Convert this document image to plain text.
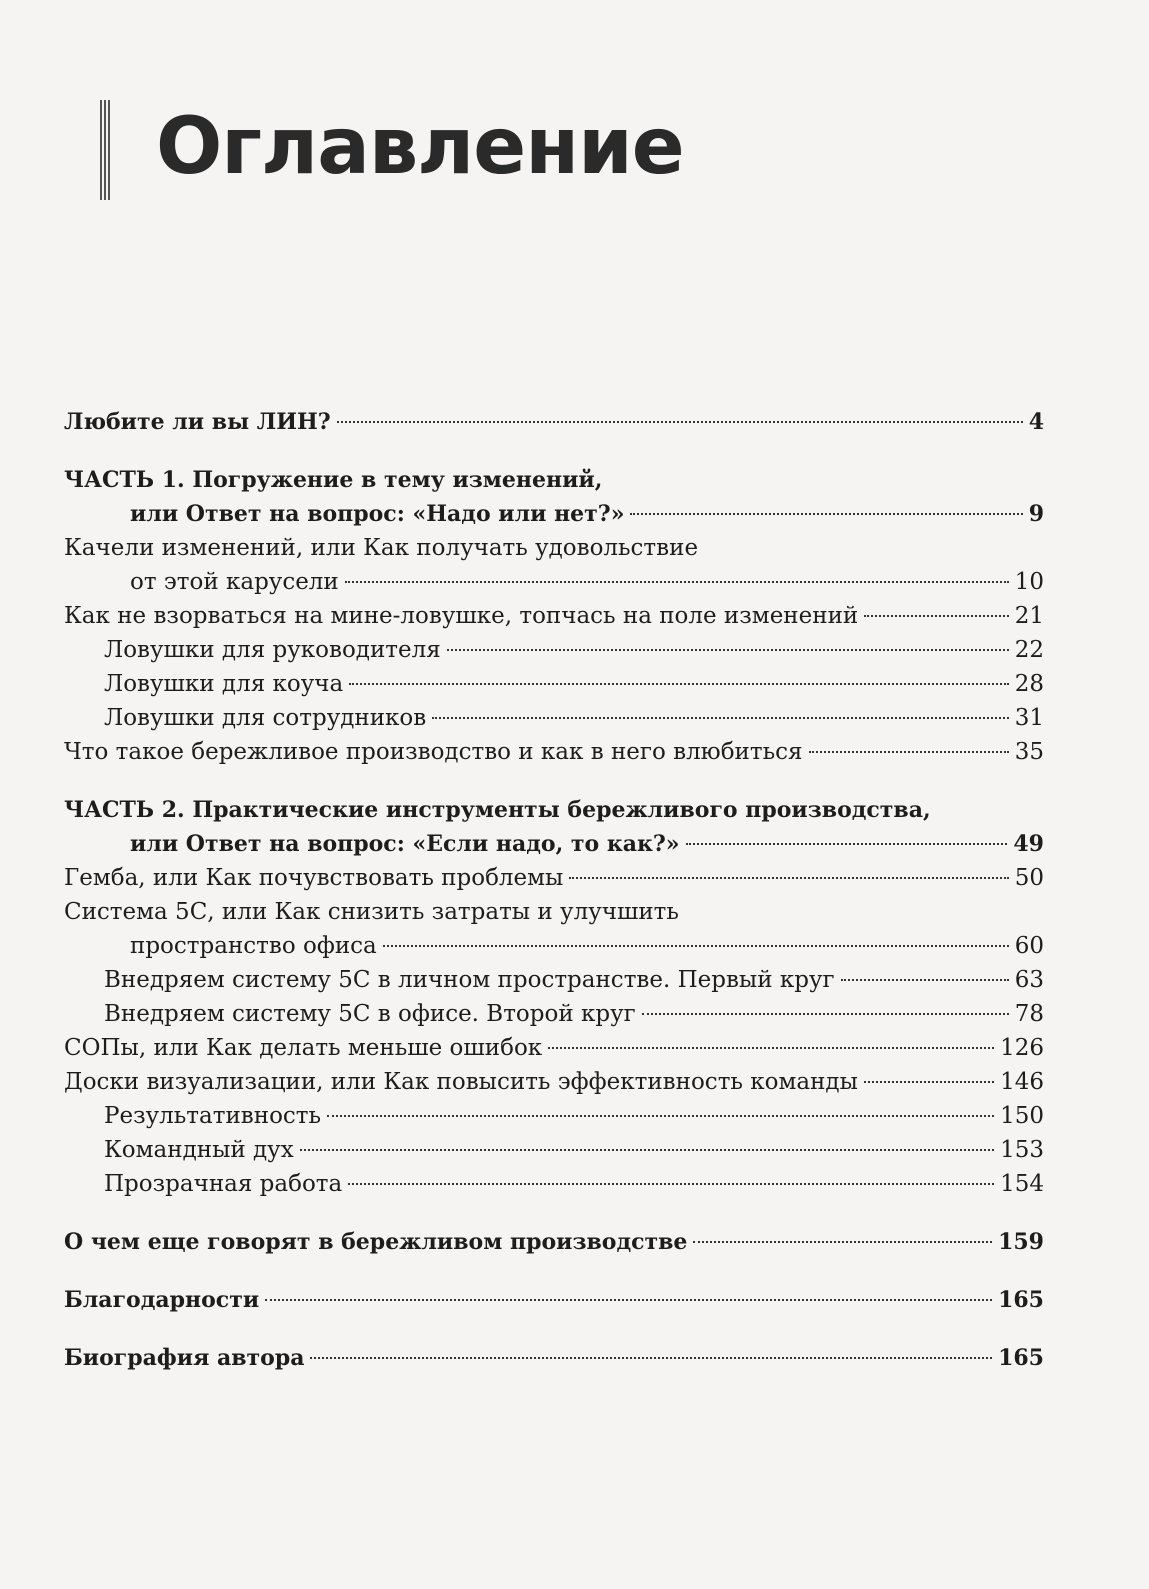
Оглавление
Любите ли вы ЛИН?	4
ЧАСТЬ 1. Погружение в тему изменений,
или Ответ на вопрос: «Надо или нет?»	9
Качели изменений, или Как получать удовольствие
от этой карусели	10
Как не взорваться на мине-ловушке, топчась на поле изменений	21
Ловушки для руководителя	22
Ловушки для коуча	28
Ловушки для сотрудников	31
Что такое бережливое производство и как в него влюбиться	35
ЧАСТЬ 2. Практические инструменты бережливого производства,
или Ответ на вопрос: «Если надо, то как?»	49
Гемба, или Как почувствовать проблемы	50
Система 5С, или Как снизить затраты и улучшить
пространство офиса	60
Внедряем систему 5С в личном пространстве. Первый круг	63
Внедряем систему 5С в офисе. Второй круг	78
СОПы, или Как делать меньше ошибок	126
Доски визуализации, или Как повысить эффективность команды	146
Результативность	150
Командный дух	153
Прозрачная работа	154
О чем еще говорят в бережливом производстве	159
Благодарности	165
Биография автора	165
